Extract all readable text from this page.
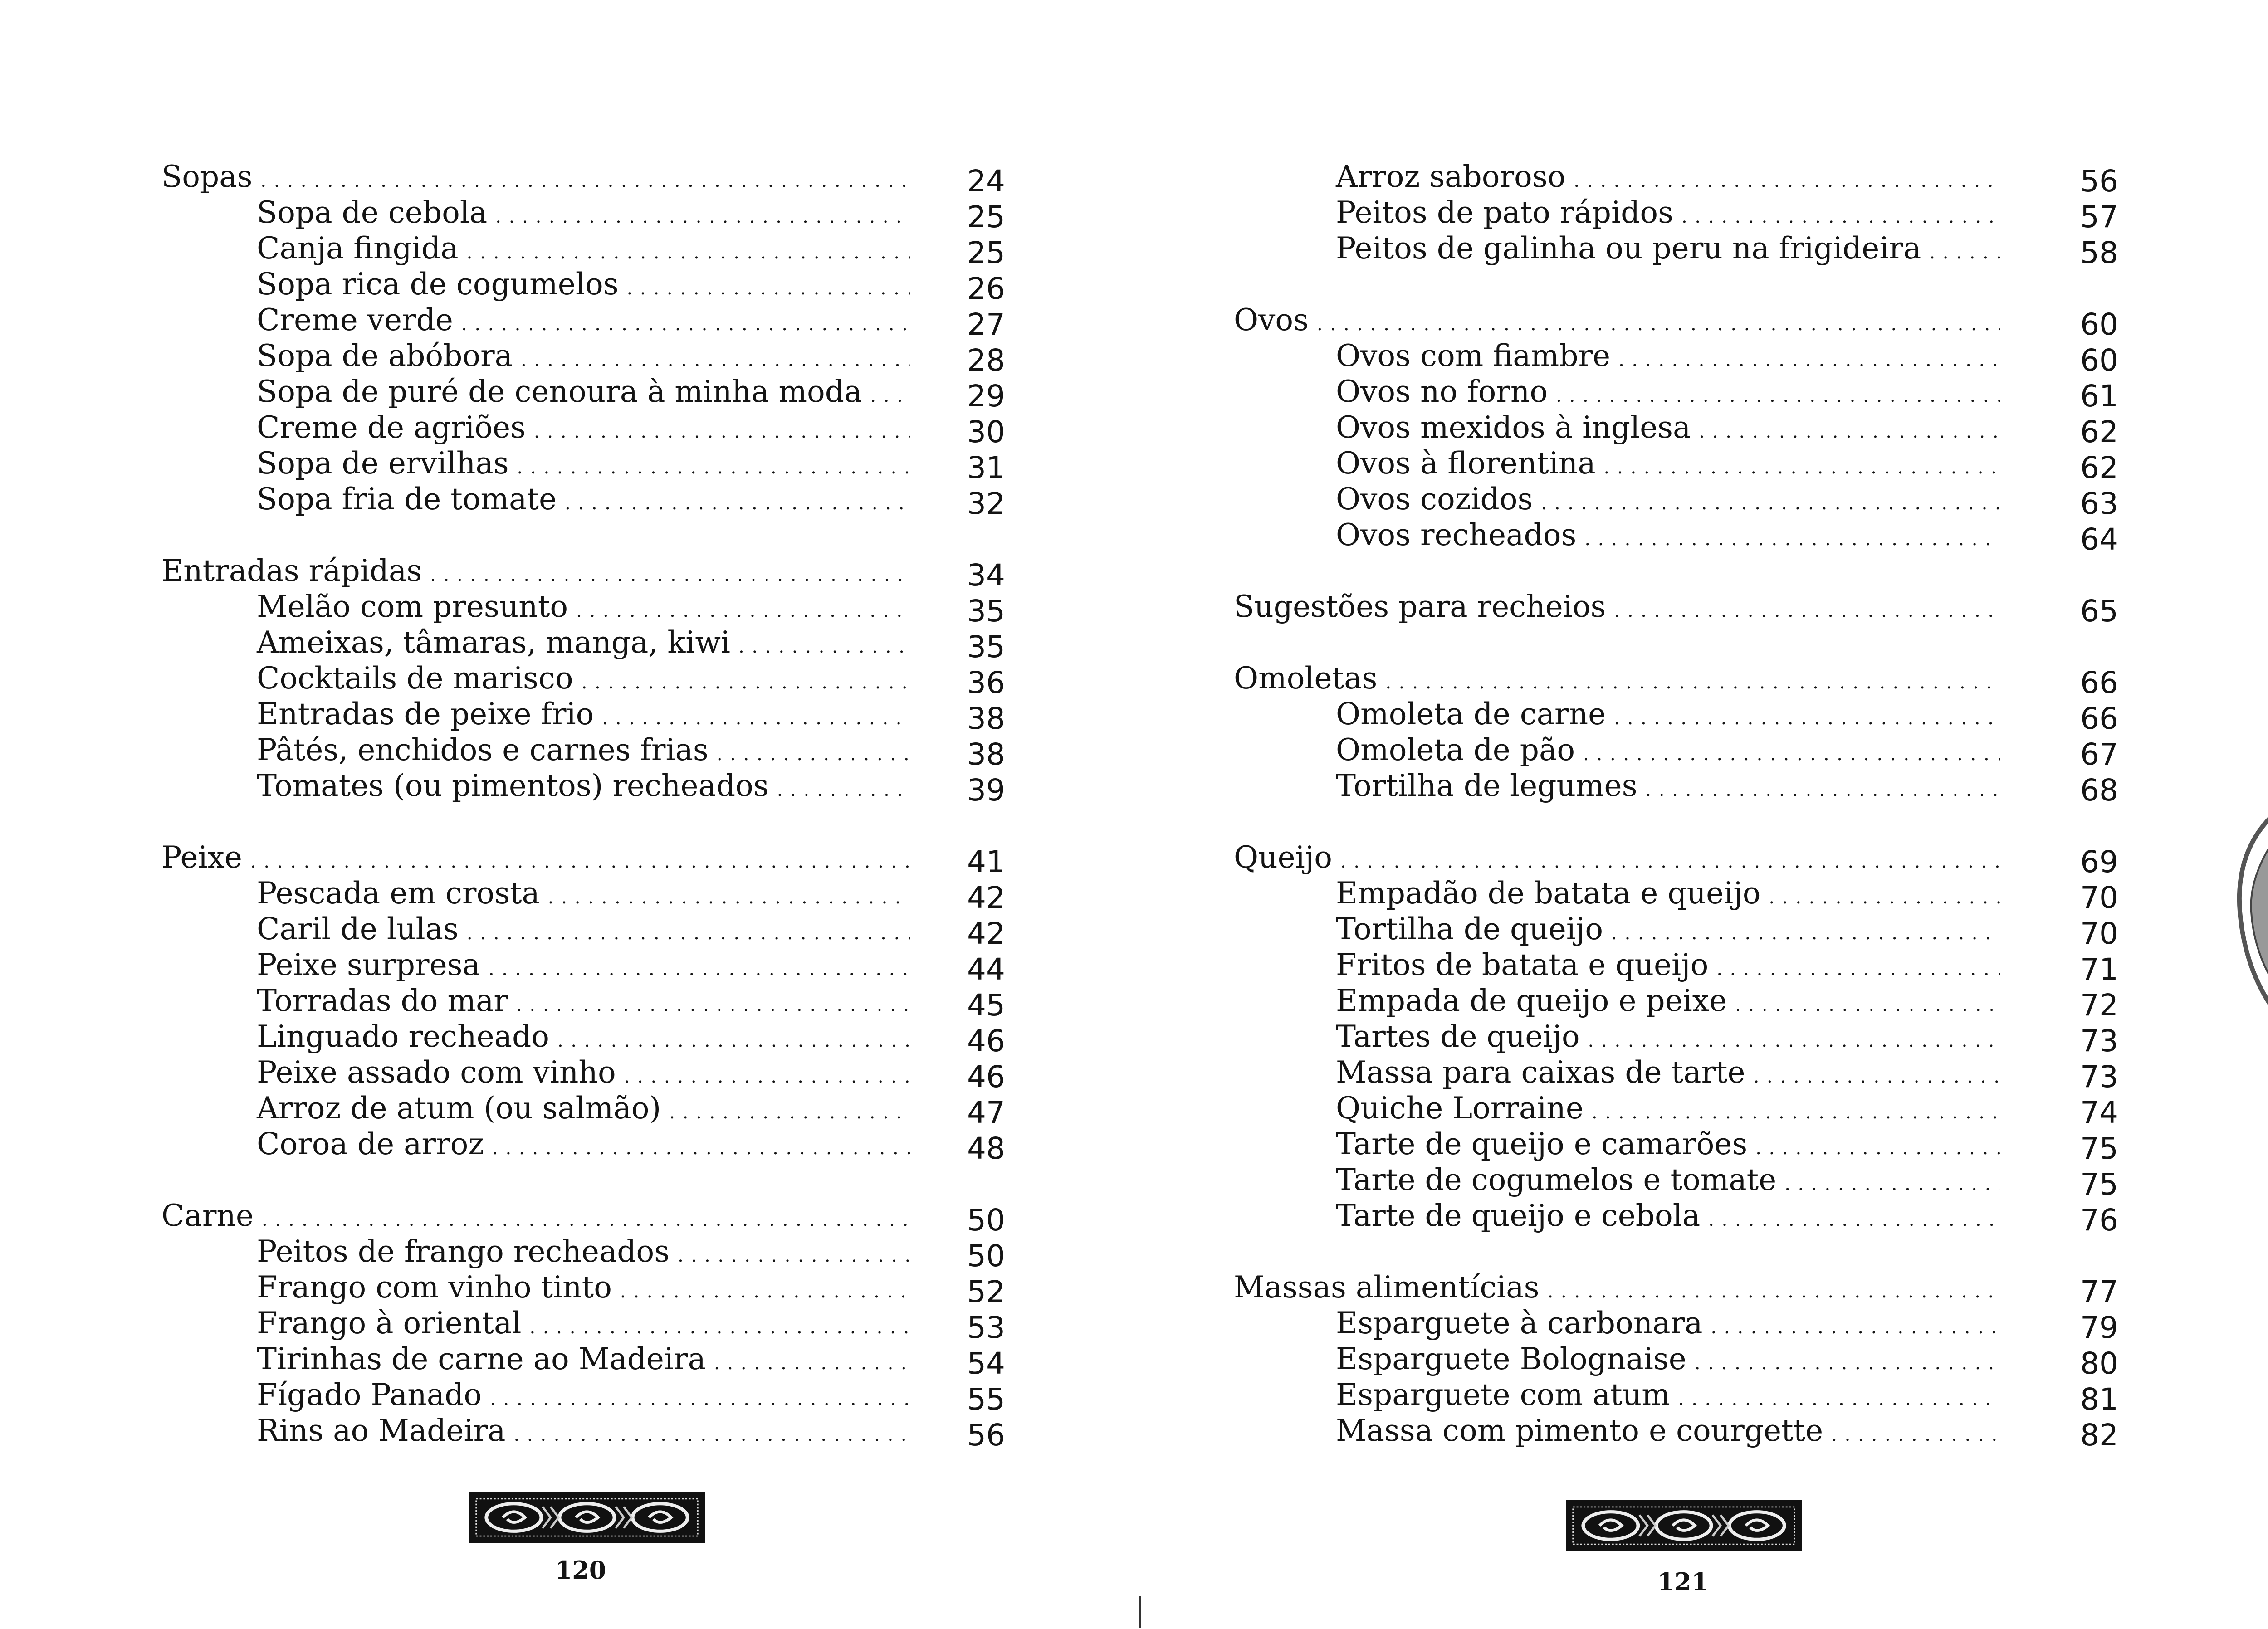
Sopas . . .	24
Sopa de cebola . . .	25
Canja fingida . . .	25
Sopa rica de cogumelos . . .	26
Creme verde . . .	27
Sopa de abóbora . . .	28
Sopa de puré de cenoura à minha moda . . .	29
Creme de agriões . . .	30
Sopa de ervilhas . . .	31
Sopa fria de tomate . . .	32
Entradas rápidas . . .	34
Melão com presunto . . .	35
Ameixas, tâmaras, manga, kiwi . . .	35
Cocktails de marisco . . .	36
Entradas de peixe frio . . .	38
Pâtés, enchidos e carnes frias . . .	38
Tomates (ou pimentos) recheados . . .	39
Peixe . . .	41
Pescada em crosta . . .	42
Caril de lulas . . .	42
Peixe surpresa . . .	44
Torradas do mar . . .	45
Linguado recheado . . .	46
Peixe assado com vinho . . .	46
Arroz de atum (ou salmão) . . .	47
Coroa de arroz . . .	48
Carne . . .	50
Peitos de frango recheados . . .	50
Frango com vinho tinto . . .	52
Frango à oriental . . .	53
Tirinhas de carne ao Madeira . . .	54
Fígado Panado . . .	55
Rins ao Madeira . . .	56
120
Arroz saboroso . . .	56
Peitos de pato rápidos . . .	57
Peitos de galinha ou peru na frigideira . . .	58
Ovos . . .	60
Ovos com fiambre . . .	60
Ovos no forno . . .	61
Ovos mexidos à inglesa . . .	62
Ovos à florentina . . .	62
Ovos cozidos . . .	63
Ovos recheados . . .	64
Sugestões para recheios . . .	65
Omoletas . . .	66
Omoleta de carne . . .	66
Omoleta de pão . . .	67
Tortilha de legumes . . .	68
Queijo . . .	69
Empadão de batata e queijo . . .	70
Tortilha de queijo . . .	70
Fritos de batata e queijo . . .	71
Empada de queijo e peixe . . .	72
Tartes de queijo . . .	73
Massa para caixas de tarte . . .	73
Quiche Lorraine . . .	74
Tarte de queijo e camarões . . .	75
Tarte de cogumelos e tomate . . .	75
Tarte de queijo e cebola . . .	76
Massas alimentícias . . .	77
Esparguete à carbonara . . .	79
Esparguete Bolognaise . . .	80
Esparguete com atum . . .	81
Massa com pimento e courgette . . .	82
121
